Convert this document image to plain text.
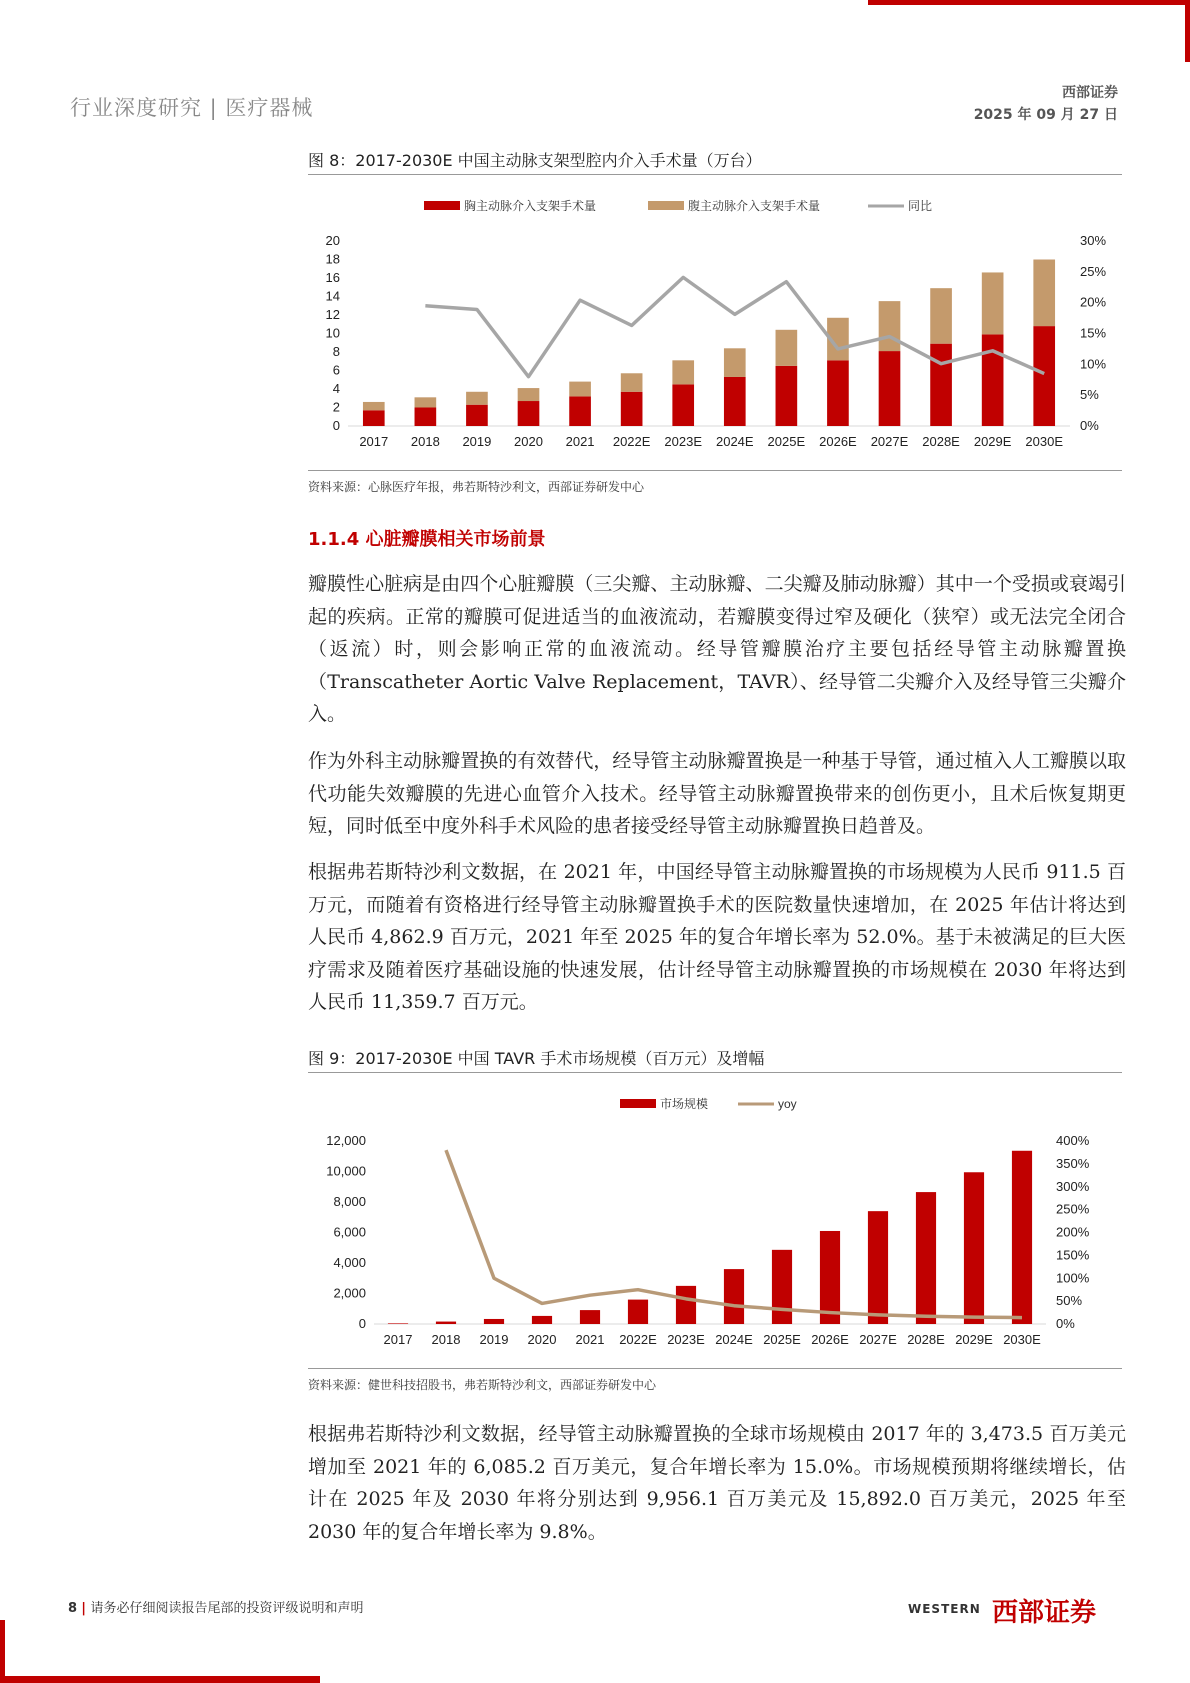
行业深度研究 | 医疗器械
西部证券
2025 年 09 月 27 日
图 8：2017-2030E 中国主动脉支架型腔内介入手术量（万台）
胸主动脉介入支架手术量	腹主动脉介入支架手术量	同比
0
2
4
6
8
10
12
14
16
18
20
0%
5%
10%
15%
20%
25%
30%
2017 2018 2019 2020 2021 2022E 2023E 2024E 2025E 2026E 2027E 2028E 2029E 2030E
资料来源：心脉医疗年报，弗若斯特沙利文，西部证券研发中心
1.1.4 心脏瓣膜相关市场前景

瓣膜性心脏病是由四个心脏瓣膜（三尖瓣、主动脉瓣、二尖瓣及肺动脉瓣）其中一个受损或衰竭引起的疾病。正常的瓣膜可促进适当的血液流动，若瓣膜变得过窄及硬化（狭窄）或无法完全闭合（返流）时，则会影响正常的血液流动。经导管瓣膜治疗主要包括经导管主动脉瓣置换（Transcatheter Aortic Valve Replacement，TAVR）、经导管二尖瓣介入及经导管三尖瓣介入。

作为外科主动脉瓣置换的有效替代，经导管主动脉瓣置换是一种基于导管，通过植入人工瓣膜以取代功能失效瓣膜的先进心血管介入技术。经导管主动脉瓣置换带来的创伤更小，且术后恢复期更短，同时低至中度外科手术风险的患者接受经导管主动脉瓣置换日趋普及。

根据弗若斯特沙利文数据，在 2021 年，中国经导管主动脉瓣置换的市场规模为人民币 911.5 百万元，而随着有资格进行经导管主动脉瓣置换手术的医院数量快速增加，在 2025 年估计将达到人民币 4,862.9 百万元，2021 年至 2025 年的复合年增长率为 52.0%。基于未被满足的巨大医疗需求及随着医疗基础设施的快速发展，估计经导管主动脉瓣置换的市场规模在 2030 年将达到人民币 11,359.7 百万元。

图 9：2017-2030E 中国 TAVR 手术市场规模（百万元）及增幅
市场规模	yoy
0
2,000
4,000
6,000
8,000
10,000
12,000
0%
50%
100%
150%
200%
250%
300%
350%
400%
2017 2018 2019 2020 2021 2022E 2023E 2024E 2025E 2026E 2027E 2028E 2029E 2030E
资料来源：健世科技招股书，弗若斯特沙利文，西部证券研发中心

根据弗若斯特沙利文数据，经导管主动脉瓣置换的全球市场规模由 2017 年的 3,473.5 百万美元增加至 2021 年的 6,085.2 百万美元，复合年增长率为 15.0%。市场规模预期将继续增长，估计在 2025 年及 2030 年将分别达到 9,956.1 百万美元及 15,892.0 百万美元，2025 年至 2030 年的复合年增长率为 9.8%。

8 | 请务必仔细阅读报告尾部的投资评级说明和声明	WESTERN 西部证券
